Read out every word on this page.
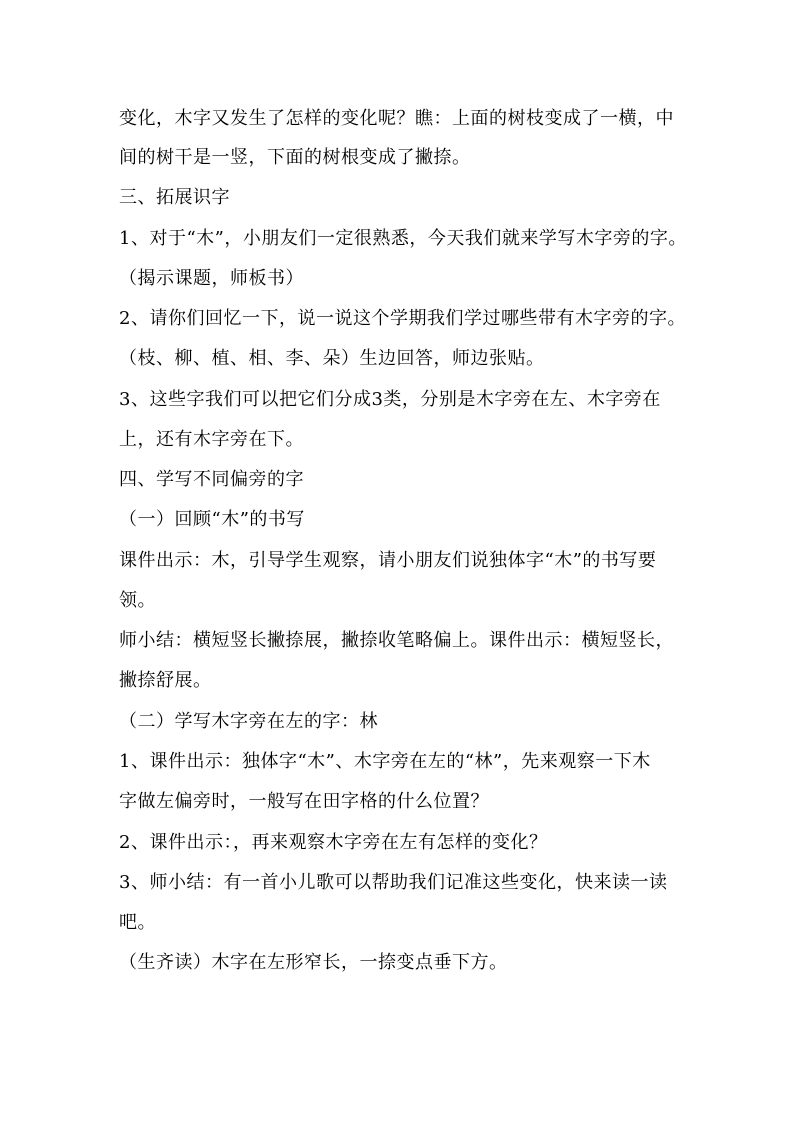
变化，木字又发生了怎样的变化呢？瞧：上面的树枝变成了一横，中
间的树干是一竖，下面的树根变成了撇捺。
三、拓展识字
1、对于“木”，小朋友们一定很熟悉，今天我们就来学写木字旁的字。
（揭示课题，师板书）
2、请你们回忆一下，说一说这个学期我们学过哪些带有木字旁的字。
（枝、柳、植、相、李、朵）生边回答，师边张贴。
3、这些字我们可以把它们分成3类，分别是木字旁在左、木字旁在
上，还有木字旁在下。
四、学写不同偏旁的字
（一）回顾“木”的书写
课件出示：木，引导学生观察，请小朋友们说独体字“木”的书写要
领。
师小结：横短竖长撇捺展，撇捺收笔略偏上。课件出示：横短竖长，
撇捺舒展。
（二）学写木字旁在左的字：林
1、课件出示：独体字“木”、木字旁在左的“林”，先来观察一下木
字做左偏旁时，一般写在田字格的什么位置？
2、课件出示：，再来观察木字旁在左有怎样的变化？
3、师小结：有一首小儿歌可以帮助我们记准这些变化，快来读一读
吧。
（生齐读）木字在左形窄长，一捺变点垂下方。
